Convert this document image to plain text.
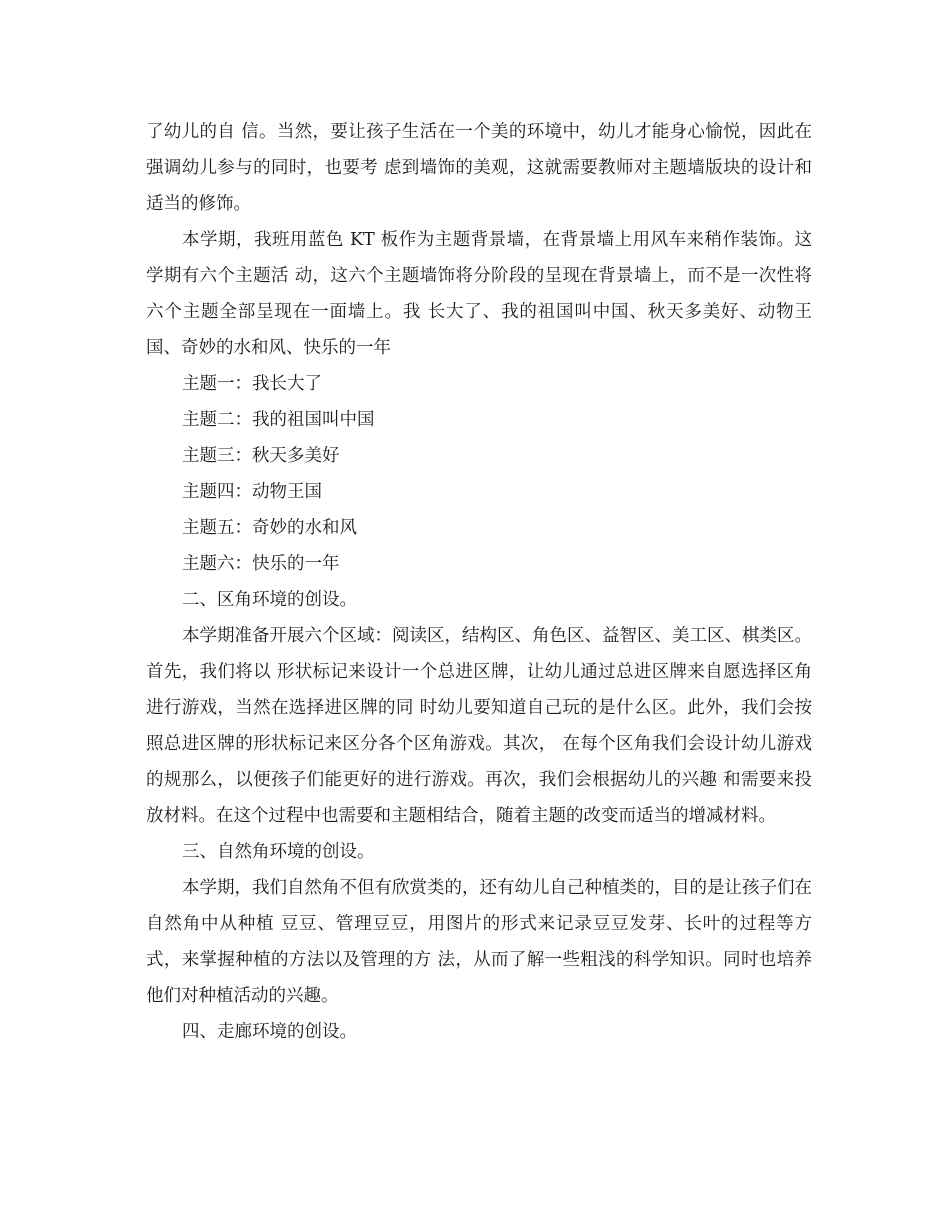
了幼儿的自 信。当然，要让孩子生活在一个美的环境中，幼儿才能身心愉悦，因此在强调幼儿参与的同时，也要考 虑到墙饰的美观，这就需要教师对主题墙版块的设计和适当的修饰。

本学期，我班用蓝色 KT 板作为主题背景墙，在背景墙上用风车来稍作装饰。这学期有六个主题活 动，这六个主题墙饰将分阶段的呈现在背景墙上，而不是一次性将六个主题全部呈现在一面墙上。我 长大了、我的祖国叫中国、秋天多美好、动物王国、奇妙的水和风、快乐的一年

主题一：我长大了

主题二：我的祖国叫中国

主题三：秋天多美好

主题四：动物王国

主题五：奇妙的水和风

主题六：快乐的一年

二、区角环境的创设。

本学期准备开展六个区域：阅读区，结构区、角色区、益智区、美工区、棋类区。首先，我们将以 形状标记来设计一个总进区牌，让幼儿通过总进区牌来自愿选择区角进行游戏，当然在选择进区牌的同 时幼儿要知道自己玩的是什么区。此外，我们会按照总进区牌的形状标记来区分各个区角游戏。其次， 在每个区角我们会设计幼儿游戏的规那么，以便孩子们能更好的进行游戏。再次，我们会根据幼儿的兴趣 和需要来投放材料。在这个过程中也需要和主题相结合，随着主题的改变而适当的增减材料。

三、自然角环境的创设。

本学期，我们自然角不但有欣赏类的，还有幼儿自己种植类的，目的是让孩子们在自然角中从种植 豆豆、管理豆豆，用图片的形式来记录豆豆发芽、长叶的过程等方式，来掌握种植的方法以及管理的方 法，从而了解一些粗浅的科学知识。同时也培养他们对种植活动的兴趣。

四、走廊环境的创设。
